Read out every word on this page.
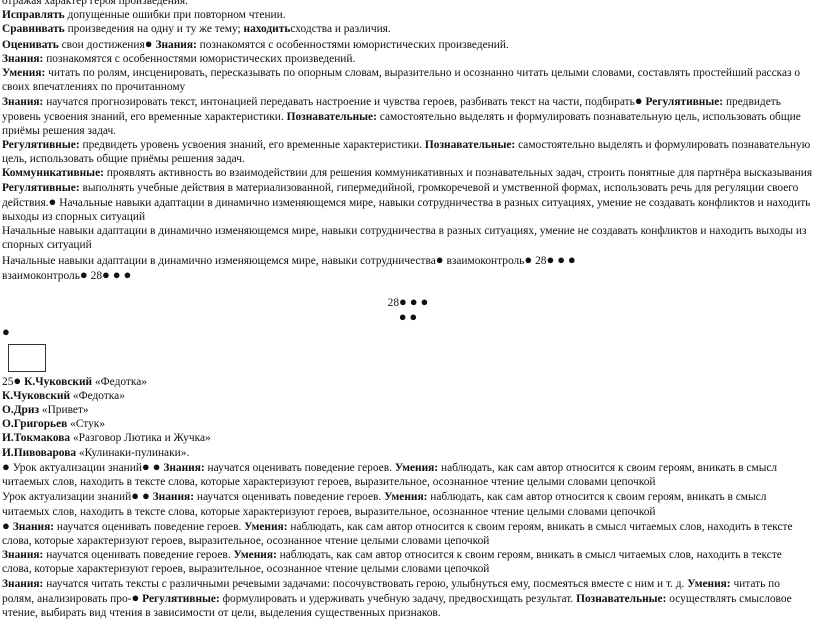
отражая характер героя произведения.

Исправлять допущенные ошибки при повторном чтении.

Сравнивать произведения на одну и ту же тему; находитьсходства и различия.

Оценивать свои достижения● Знания: познакомятся с особенностями юмористических произведений.

Знания: познакомятся с особенностями юмористических произведений.

Умения: читать по ролям, инсценировать, пересказывать по опорным словам, выразительно и осознанно читать целыми словами, составлять простейший рассказ о своих впечатлениях по прочитанному

Знания: научатся прогнозировать текст, интонацией передавать настроение и чувства героев, разбивать текст на части, подбирать● Регулятивные: предвидеть уровень усвоения знаний, его временные характеристики. Познавательные: самостоятельно выделять и формулировать познавательную цель, использовать общие приёмы решения задач.

Регулятивные: предвидеть уровень усвоения знаний, его временные характеристики. Познавательные: самостоятельно выделять и формулировать познавательную цель, использовать общие приёмы решения задач.

Коммуникативные: проявлять активность во взаимодействии для решения коммуникативных и познавательных задач, строить понятные для партнёра высказывания

Регулятивные: выполнять учебные действия в материализованной, гипермедийной, громкоречевой и умственной формах, использовать речь для регуляции своего действия.● Начальные навыки адаптации в динамично изменяющемся мире, навыки сотрудничества в разных ситуациях, умение не создавать конфликтов и находить выходы из спорных ситуаций

Начальные навыки адаптации в динамично изменяющемся мире, навыки сотрудничества в разных ситуациях, умение не создавать конфликтов и находить выходы из спорных ситуаций

Начальные навыки адаптации в динамично изменяющемся мире, навыки сотрудничества● взаимоконтроль● 28● ● ●

взаимоконтроль● 28● ● ●

28● ● ●

● ●

●

25● К.Чуковский «Федотка»

К.Чуковский «Федотка»

О.Дриз «Привет»

О.Григорьев «Стук»

И.Токмакова «Разговор Лютика и Жучка»

И.Пивоварова «Кулинаки-пулинаки».

● Урок актуализации знаний● ● Знания: научатся оценивать поведение героев. Умения: наблюдать, как сам автор относится к своим героям, вникать в смысл читаемых слов, находить в тексте слова, которые характеризуют героев, выразительное, осознанное чтение целыми словами цепочкой

Урок актуализации знаний● ● Знания: научатся оценивать поведение героев. Умения: наблюдать, как сам автор относится к своим героям, вникать в смысл читаемых слов, находить в тексте слова, которые характеризуют героев, выразительное, осознанное чтение целыми словами цепочкой

● Знания: научатся оценивать поведение героев. Умения: наблюдать, как сам автор относится к своим героям, вникать в смысл читаемых слов, находить в тексте слова, которые характеризуют героев, выразительное, осознанное чтение целыми словами цепочкой

Знания: научатся оценивать поведение героев. Умения: наблюдать, как сам автор относится к своим героям, вникать в смысл читаемых слов, находить в тексте слова, которые характеризуют героев, выразительное, осознанное чтение целыми словами цепочкой

Знания: научатся читать тексты с различными речевыми задачами: посочувствовать герою, улыбнуться ему, посмеяться вместе с ним и т. д. Умения: читать по ролям, анализировать про-● Регулятивные: формулировать и удерживать учебную задачу, предвосхищать результат. Познавательные: осуществлять смысловое чтение, выбирать вид чтения в зависимости от цели, выделения существенных признаков.
